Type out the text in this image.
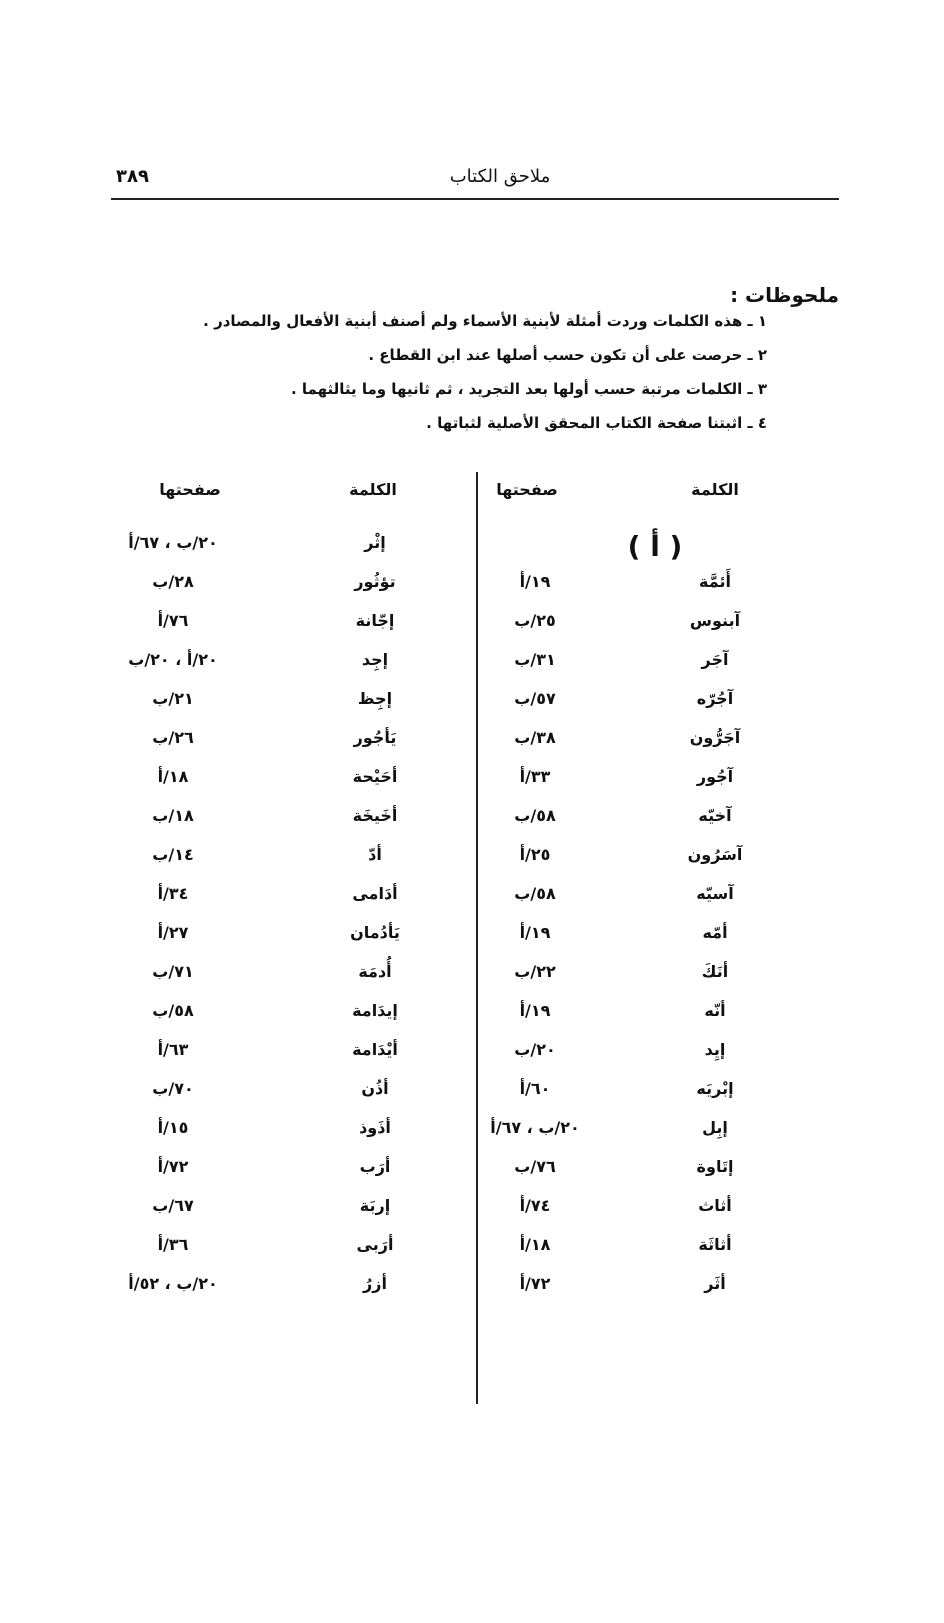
ملاحق الكتاب
٣٨٩
ملحوظات :
١ ـ هذه الكلمات وردت أمثلة لأبنية الأسماء ولم أصنف أبنية الأفعال والمصادر .
٢ ـ حرصت على أن تكون حسب أصلها عند ابن القطاع .
٣ ـ الكلمات مرتبة حسب أولها بعد التجريد ، ثم ثانيها وما يثالثهما .
٤ ـ اثبتنا صفحة الكتاب المحقق الأصلية لثباتها .
الكلمة
صفحتها
الكلمة
صفحتها
( أ )
أَئمَّة
١٩/أ
آبنوس
٢٥/ب
آجَر
٣١/ب
آجُرّه
٥٧/ب
آجَرُّون
٣٨/ب
آجُور
٣٣/أ
آخيّه
٥٨/ب
آسَرُون
٢٥/أ
آسيّه
٥٨/ب
أمّه
١٩/أ
أنَكَ
٢٢/ب
أنّه
١٩/أ
إيِد
٢٠/ب
إبْريَه
٦٠/أ
إبِل
٢٠/ب ، ٦٧/أ
إتَاوة
٧٦/ب
أثاث
٧٤/أ
أثاثَة
١٨/أ
أثَر
٧٢/أ
إثْر
٢٠/ب ، ٦٧/أ
تؤثُور
٢٨/ب
إجّانة
٧٦/أ
إجِد
٢٠/أ ، ٢٠/ب
إجِظ
٢١/ب
يَأجُور
٢٦/ب
أحَيْحة
١٨/أ
أخَيخَة
١٨/ب
أدّ
١٤/ب
أدَامى
٣٤/أ
يَأدُمان
٢٧/أ
أُدمَة
٧١/ب
إيدَامة
٥٨/ب
أيْدَامة
٦٣/أ
أذُن
٧٠/ب
أذَوذ
١٥/أ
أرَب
٧٢/أ
إربَة
٦٧/ب
أرَبى
٣٦/أ
أزرُ
٢٠/ب ، ٥٢/أ
